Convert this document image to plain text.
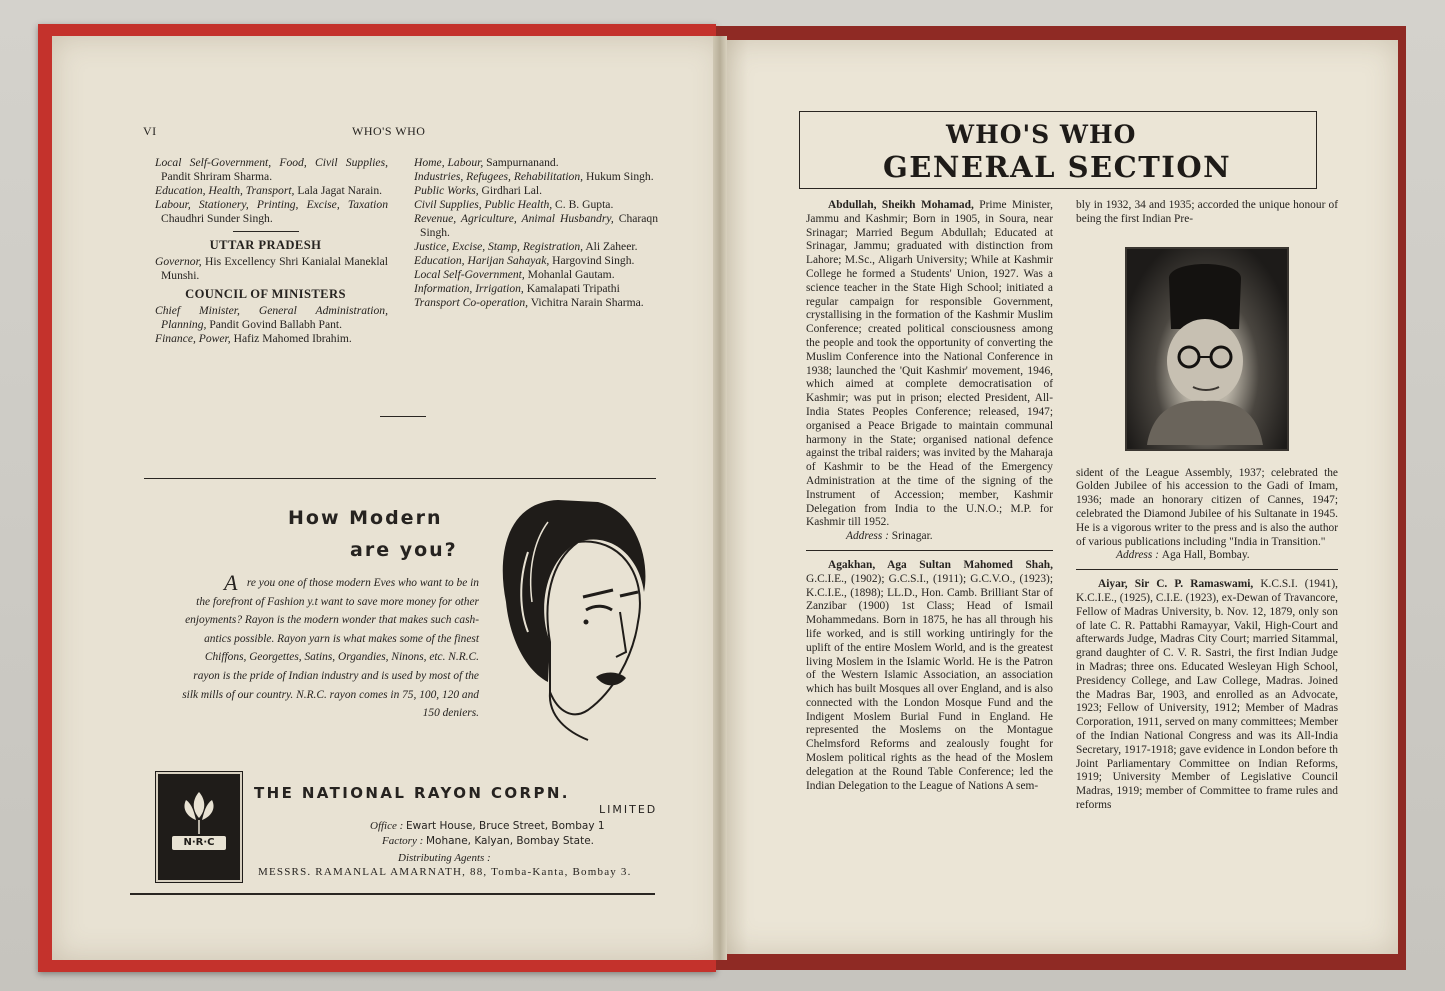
VI	WHO'S WHO

Local Self-Government, Food, Civil Supplies, Pandit Shriram Sharma.

Education, Health, Transport, Lala Jagat Narain.

Labour, Stationery, Printing, Excise, Taxation Chaudhri Sunder Singh.

UTTAR PRADESH

Governor, His Excellency Shri Kanialal Maneklal Munshi.

COUNCIL OF MINISTERS

Chief Minister, General Administration, Planning, Pandit Govind Ballabh Pant.

Finance, Power, Hafiz Mahomed Ibrahim.

Home, Labour, Sampurnanand.

Industries, Refugees, Rehabilitation, Hukum Singh.

Public Works, Girdhari Lal.

Civil Supplies, Public Health, C. B. Gupta.

Revenue, Agriculture, Animal Husbandry, Charaqn Singh.

Justice, Excise, Stamp, Registration, Ali Zaheer.

Education, Harijan Sahayak, Hargovind Singh.

Local Self-Government, Mohanlal Gautam.

Information, Irrigation, Kamalapati Tripathi

Transport Co-operation, Vichitra Narain Sharma.

How Modern
are you?
Are you one of those modern Eves who want to be in the forefront of Fashion y.t want to save more money for other enjoyments? Rayon is the modern wonder that makes such cash-antics possible. Rayon yarn is what makes some of the finest Chiffons, Georgettes, Satins, Organdies, Ninons, etc. N.R.C. rayon is the pride of Indian industry and is used by most of the silk mills of our country. N.R.C. rayon comes in 75, 100, 120 and 150 deniers.
N·R·C
THE NATIONAL RAYON CORPN.
LIMITED
Office : Ewart House, Bruce Street, Bombay 1
Factory : Mohane, Kalyan, Bombay State.
Distributing Agents :
MESSRS. RAMANLAL AMARNATH, 88, Tomba-Kanta, Bombay 3.
WHO'S WHO
GENERAL SECTION

Abdullah, Sheikh Mohamad, Prime Minister, Jammu and Kashmir; Born in 1905, in Soura, near Srinagar; Married Begum Abdullah; Educated at Srinagar, Jammu; graduated with distinction from Lahore; M.Sc., Aligarh University; While at Kashmir College he formed a Students' Union, 1927. Was a science teacher in the State High School; initiated a regular campaign for responsible Government, crystallising in the formation of the Kashmir Muslim Conference; created political consciousness among the people and took the opportunity of converting the Muslim Conference into the National Conference in 1938; launched the 'Quit Kashmir' movement, 1946, which aimed at complete democratisation of Kashmir; was put in prison; elected President, All-India States Peoples Conference; released, 1947; organised a Peace Brigade to maintain communal harmony in the State; organised national defence against the tribal raiders; was invited by the Maharaja of Kashmir to be the Head of the Emergency Administration at the time of the signing of the Instrument of Accession; member, Kashmir Delegation from India to the U.N.O.; M.P. for Kashmir till 1952.

Address : Srinagar.

Agakhan, Aga Sultan Mahomed Shah, G.C.I.E., (1902); G.C.S.I., (1911); G.C.V.O., (1923); K.C.I.E., (1898); LL.D., Hon. Camb. Brilliant Star of Zanzibar (1900) 1st Class; Head of Ismail Mohammedans. Born in 1875, he has all through his life worked, and is still working untiringly for the uplift of the entire Moslem World, and is the greatest living Moslem in the Islamic World. He is the Patron of the Western Islamic Association, an association which has built Mosques all over England, and is also connected with the London Mosque Fund and the Indigent Moslem Burial Fund in England. He represented the Moslems on the Montague Chelmsford Reforms and zealously fought for Moslem political rights as the head of the Moslem delegation at the Round Table Conference; led the Indian Delegation to the League of Nations A sem-

bly in 1932, 34 and 1935; accorded the unique honour of being the first Indian Pre-

sident of the League Assembly, 1937; celebrated the Golden Jubilee of his accession to the Gadi of Imam, 1936; made an honorary citizen of Cannes, 1947; celebrated the Diamond Jubilee of his Sultanate in 1945. He is a vigorous writer to the press and is also the author of various publications including "India in Transition."

Address : Aga Hall, Bombay.

Aiyar, Sir C. P. Ramaswami, K.C.S.I. (1941), K.C.I.E., (1925), C.I.E. (1923), ex-Dewan of Travancore, Fellow of Madras University, b. Nov. 12, 1879, only son of late C. R. Pattabhi Ramayyar, Vakil, High-Court and afterwards Judge, Madras City Court; married Sitammal, grand daughter of C. V. R. Sastri, the first Indian Judge in Madras; three ons. Educated Wesleyan High School, Presidency College, and Law College, Madras. Joined the Madras Bar, 1903, and enrolled as an Advocate, 1923; Fellow of University, 1912; Member of Madras Corporation, 1911, served on many committees; Member of the Indian National Congress and was its All-India Secretary, 1917-1918; gave evidence in London before th Joint Parliamentary Committee on Indian Reforms, 1919; University Member of Legislative Council Madras, 1919; member of Committee to frame rules and reforms
